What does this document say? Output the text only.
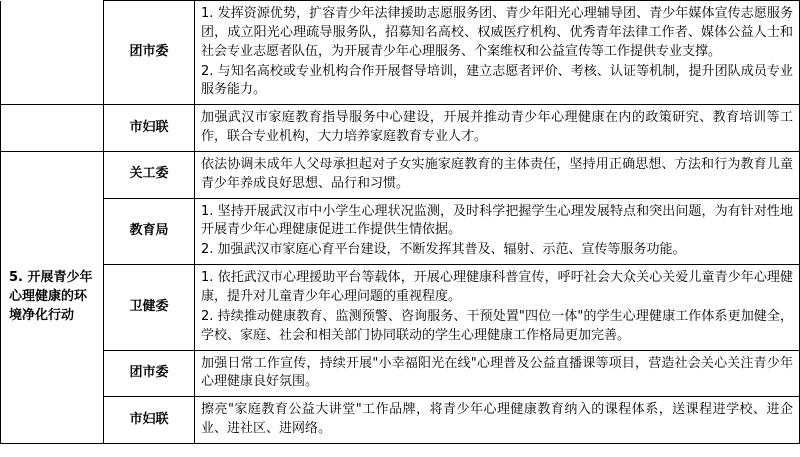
	团市委	1. 发挥资源优势，扩容青少年法律援助志愿服务团、青少年阳光心理辅导团、青少年媒体宣传志愿服务团，成立阳光心理疏导服务队，招募知名高校、权威医疗机构、优秀青年法律工作者、媒体公益人士和社会专业志愿者队伍，为开展青少年心理服务、个案维权和公益宣传等工作提供专业支撑。

2. 与知名高校或专业机构合作开展督导培训，建立志愿者评价、考核、认证等机制，提升团队成员专业服务能力。

	市妇联	加强武汉市家庭教育指导服务中心建设，开展并推动青少年心理健康在内的政策研究、教育培训等工作，联合专业机构，大力培养家庭教育专业人才。

5. 开展青少年心理健康的环境净化行动	关工委	依法协调未成年人父母承担起对子女实施家庭教育的主体责任，坚持用正确思想、方法和行为教育儿童青少年养成良好思想、品行和习惯。

	教育局	1. 坚持开展武汉市中小学生心理状况监测，及时科学把握学生心理发展特点和突出问题，为有针对性地开展青少年心理健康促进工作提供生情依据。

2. 加强武汉市家庭心育平台建设，不断发挥其普及、辐射、示范、宣传等服务功能。

	卫健委	1. 依托武汉市心理援助平台等载体，开展心理健康科普宣传，呼吁社会大众关心关爱儿童青少年心理健康，提升对儿童青少年心理问题的重视程度。

2. 持续推动健康教育、监测预警、咨询服务、干预处置"四位一体"的学生心理健康工作体系更加健全，学校、家庭、社会和相关部门协同联动的学生心理健康工作格局更加完善。

	团市委	加强日常工作宣传，持续开展"小幸福阳光在线"心理普及公益直播课等项目，营造社会关心关注青少年心理健康良好氛围。

	市妇联	擦亮"家庭教育公益大讲堂"工作品牌，将青少年心理健康教育纳入的课程体系，送课程进学校、进企业、进社区、进网络。
